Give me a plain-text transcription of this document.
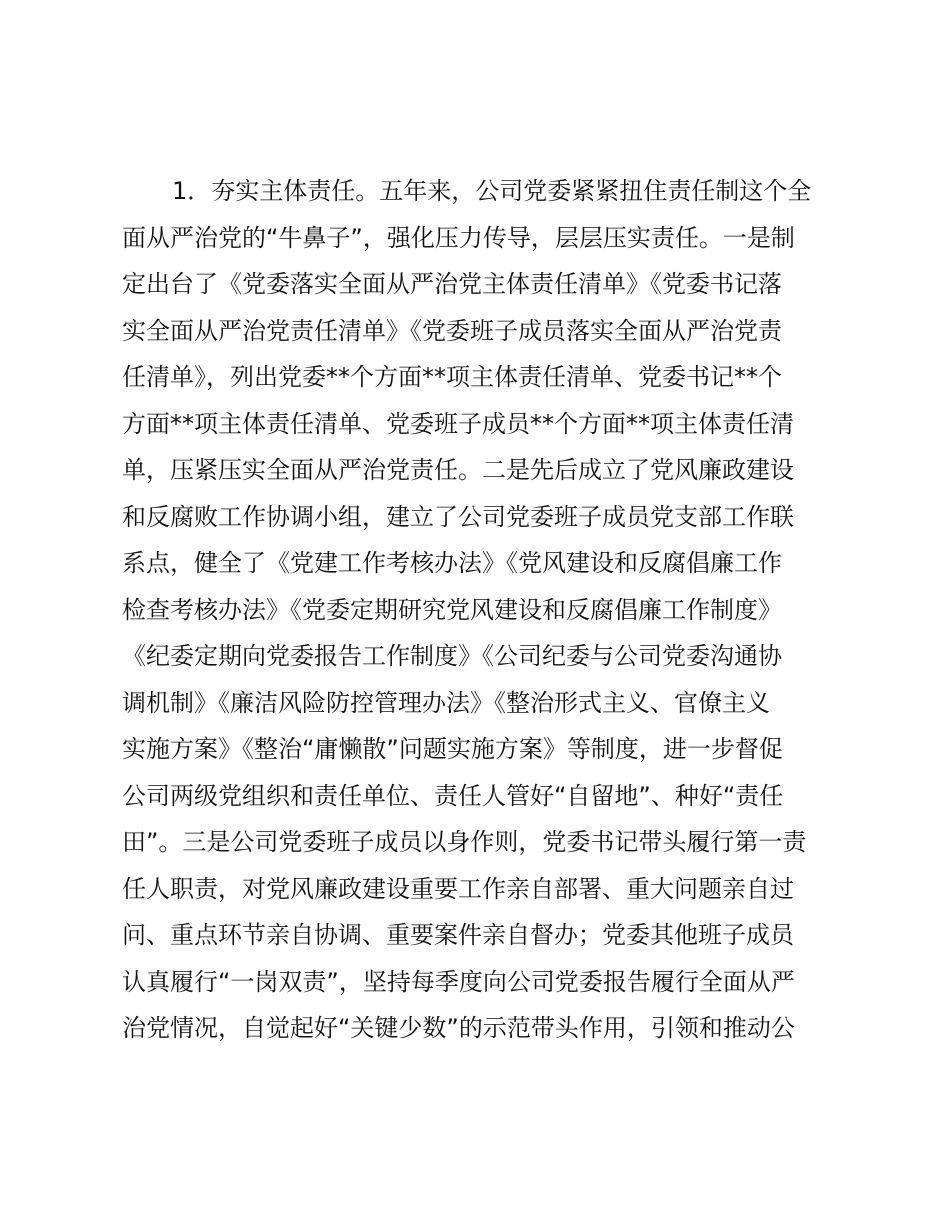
1．夯实主体责任。五年来，公司党委紧紧扭住责任制这个全
面从严治党的“牛鼻子”，强化压力传导，层层压实责任。一是制
定出台了《党委落实全面从严治党主体责任清单》《党委书记落
实全面从严治党责任清单》《党委班子成员落实全面从严治党责
任清单》，列出党委**个方面**项主体责任清单、党委书记**个
方面**项主体责任清单、党委班子成员**个方面**项主体责任清
单，压紧压实全面从严治党责任。二是先后成立了党风廉政建设
和反腐败工作协调小组，建立了公司党委班子成员党支部工作联
系点，健全了《党建工作考核办法》《党风建设和反腐倡廉工作
检查考核办法》《党委定期研究党风建设和反腐倡廉工作制度》
《纪委定期向党委报告工作制度》《公司纪委与公司党委沟通协
调机制》《廉洁风险防控管理办法》《整治形式主义、官僚主义
实施方案》《整治“庸懒散”问题实施方案》等制度，进一步督促
公司两级党组织和责任单位、责任人管好“自留地”、种好“责任
田”。三是公司党委班子成员以身作则，党委书记带头履行第一责
任人职责，对党风廉政建设重要工作亲自部署、重大问题亲自过
问、重点环节亲自协调、重要案件亲自督办；党委其他班子成员
认真履行“一岗双责”，坚持每季度向公司党委报告履行全面从严
治党情况，自觉起好“关键少数”的示范带头作用，引领和推动公
